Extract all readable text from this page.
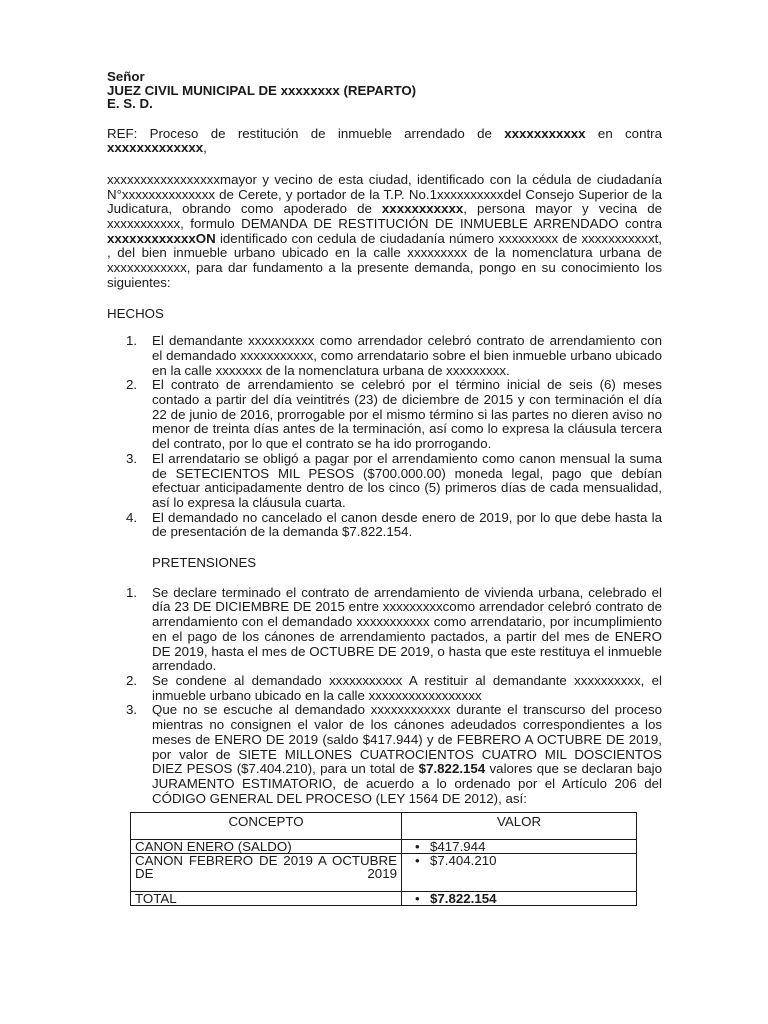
Señor
JUEZ CIVIL MUNICIPAL DE xxxxxxxx (REPARTO)
E. S. D.

REF: Proceso de restitución de inmueble arrendado de xxxxxxxxxxx en contra xxxxxxxxxxxxx,

xxxxxxxxxxxxxxxxxmayor y vecino de esta ciudad, identificado con la cédula de ciudadanía N°xxxxxxxxxxxxxx de Cerete, y portador de la T.P. No.1xxxxxxxxxxdel Consejo Superior de la Judicatura, obrando como apoderado de xxxxxxxxxxx, persona mayor y vecina de xxxxxxxxxxx, formulo DEMANDA DE RESTITUCIÓN DE INMUEBLE ARRENDADO contra xxxxxxxxxxxxON identificado con cedula de ciudadanía número xxxxxxxxx de xxxxxxxxxxxt, , del bien inmueble urbano ubicado en la calle xxxxxxxxx de la nomenclatura urbana de xxxxxxxxxxxx, para dar fundamento a la presente demanda, pongo en su conocimiento los siguientes:

HECHOS

1. El demandante xxxxxxxxxx como arrendador celebró contrato de arrendamiento con el demandado xxxxxxxxxxx, como arrendatario sobre el bien inmueble urbano ubicado en la calle xxxxxxx de la nomenclatura urbana de xxxxxxxxx.
2. El contrato de arrendamiento se celebró por el término inicial de seis (6) meses contado a partir del día veintitrés (23) de diciembre de 2015 y con terminación el día 22 de junio de 2016, prorrogable por el mismo término si las partes no dieren aviso no menor de treinta días antes de la terminación, así como lo expresa la cláusula tercera del contrato, por lo que el contrato se ha ido prorrogando.
3. El arrendatario se obligó a pagar por el arrendamiento como canon mensual la suma de SETECIENTOS MIL PESOS ($700.000.00) moneda legal, pago que debían efectuar anticipadamente dentro de los cinco (5) primeros días de cada mensualidad, así lo expresa la cláusula cuarta.
4. El demandado no cancelado el canon desde enero de 2019, por lo que debe hasta la de presentación de la demanda $7.822.154.

PRETENSIONES

1. Se declare terminado el contrato de arrendamiento de vivienda urbana, celebrado el día 23 DE DICIEMBRE DE 2015 entre xxxxxxxxxcomo arrendador celebró contrato de arrendamiento con el demandado xxxxxxxxxxx como arrendatario, por incumplimiento en el pago de los cánones de arrendamiento pactados, a partir del mes de ENERO DE 2019, hasta el mes de OCTUBRE DE 2019, o hasta que este restituya el inmueble arrendado.
2. Se condene al demandado xxxxxxxxxxx A restituir al demandante xxxxxxxxxx, el inmueble urbano ubicado en la calle xxxxxxxxxxxxxxxxx
3. Que no se escuche al demandado xxxxxxxxxxxx durante el transcurso del proceso mientras no consignen el valor de los cánones adeudados correspondientes a los meses de ENERO DE 2019 (saldo $417.944) y de FEBRERO A OCTUBRE DE 2019, por valor de SIETE MILLONES CUATROCIENTOS CUATRO MIL DOSCIENTOS DIEZ PESOS ($7.404.210), para un total de $7.822.154 valores que se declaran bajo JURAMENTO ESTIMATORIO, de acuerdo a lo ordenado por el Artículo 206 del CÓDIGO GENERAL DEL PROCESO (LEY 1564 DE 2012), así:
CONCEPTO	VALOR
CANON ENERO (SALDO)	• $417.944

CANON FEBRERO DE 2019 A OCTUBRE DE 2019	• $7.404.210
TOTAL	• $7.822.154
